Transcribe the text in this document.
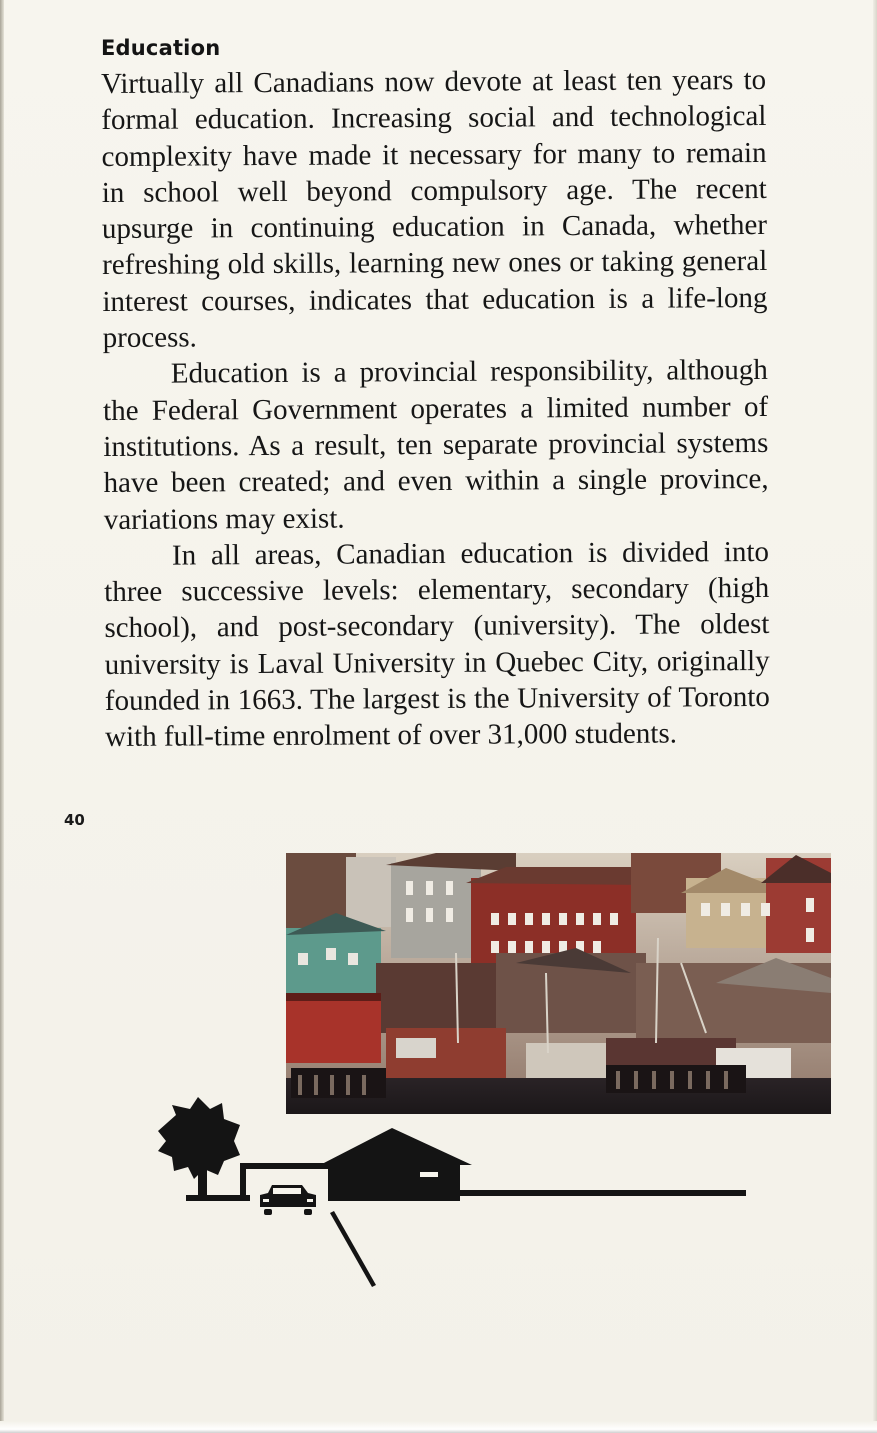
Education

Virtually all Canadians now devote at least ten years to formal education. Increasing social and technological complexity have made it necessary for many to remain in school well beyond compulsory age. The recent upsurge in continuing education in Canada, whether refreshing old skills, learning new ones or taking general interest courses, indicates that education is a life-long process.

Education is a provincial responsibility, although the Federal Government operates a limited number of institutions. As a result, ten separate provincial systems have been created; and even within a single province, variations may exist.

In all areas, Canadian education is divided into three successive levels: elementary, secondary (high school), and post-secondary (university). The oldest university is Laval University in Quebec City, originally founded in 1663. The largest is the University of Toronto with full-time enrolment of over 31,000 students.

40
